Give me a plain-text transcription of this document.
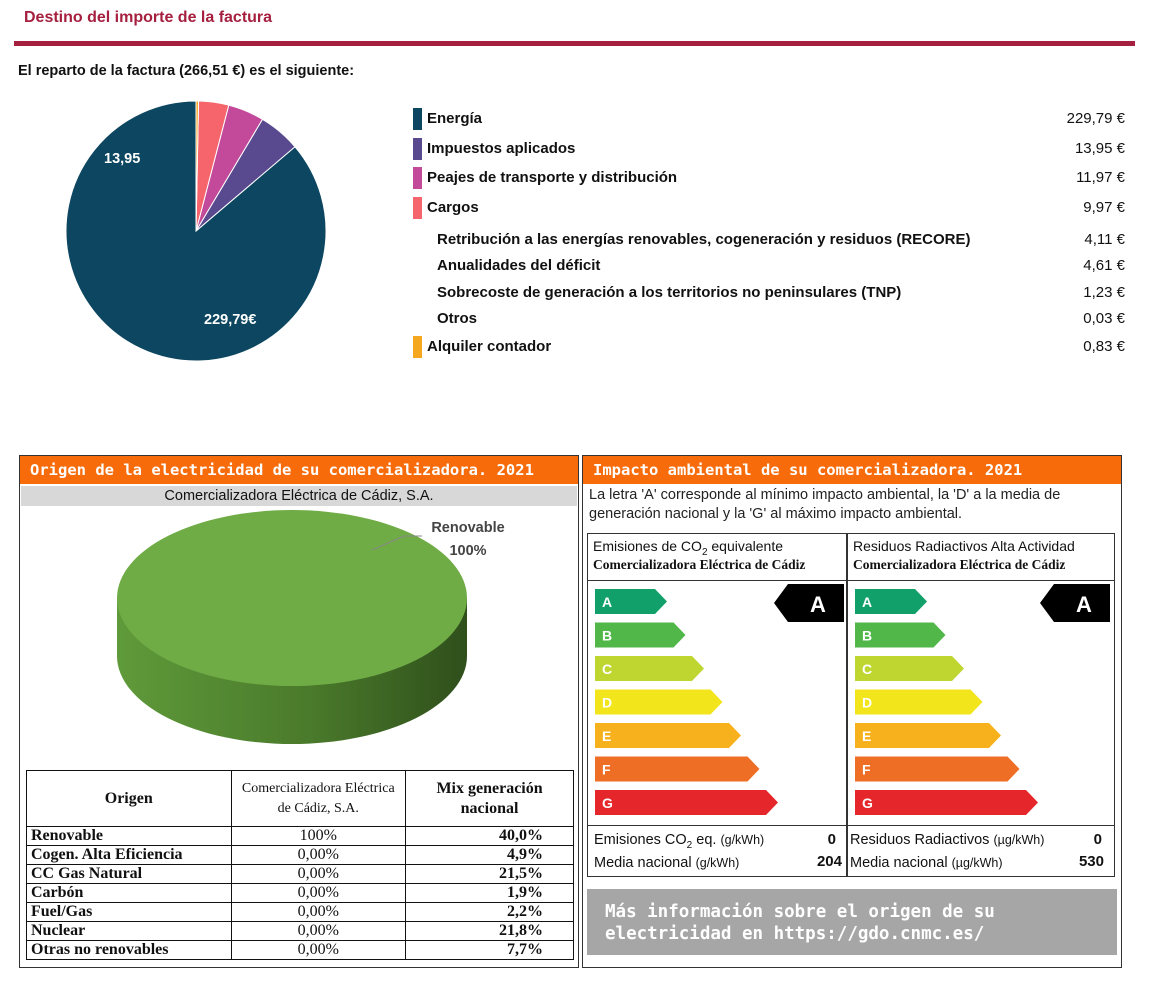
Destino del importe de la factura
El reparto de la factura (266,51 €) es el siguiente:
13,95
229,79€
Energía	229,79 €
Impuestos aplicados	13,95 €
Peajes de transporte y distribución	11,97 €
Cargos	9,97 €
Retribución a las energías renovables, cogeneración y residuos (RECORE)	4,11 €
Anualidades del déficit	4,61 €
Sobrecoste de generación a los territorios no peninsulares (TNP)	1,23 €
Otros	0,03 €
Alquiler contador	0,83 €
Origen de la electricidad de su comercializadora. 2021
Comercializadora Eléctrica de Cádiz, S.A.
Renovable
100%
Origen	Comercializadora Eléctrica de Cádiz, S.A.	Mix generación nacional
Renovable	100%	40,0%
Cogen. Alta Eficiencia	0,00%	4,9%
CC Gas Natural	0,00%	21,5%
Carbón	0,00%	1,9%
Fuel/Gas	0,00%	2,2%
Nuclear	0,00%	21,8%
Otras no renovables	0,00%	7,7%
Impacto ambiental de su comercializadora. 2021
La letra 'A' corresponde al mínimo impacto ambiental, la 'D' a la media de generación nacional y la 'G' al máximo impacto ambiental.
Emisiones de $CO_2$ equivalente
Comercializadora Eléctrica de Cádiz
A
B
C
D
E
F
G
A
Emisiones $CO_2$ eq. (g/kWh)	0
Media nacional (g/kWh)	204
Residuos Radiactivos Alta Actividad
Comercializadora Eléctrica de Cádiz
A
B
C
D
E
F
G
A
Residuos Radiactivos (µg/kWh)	0
Media nacional (µg/kWh)	530
Más información sobre el origen de su electricidad en https://gdo.cnmc.es/
